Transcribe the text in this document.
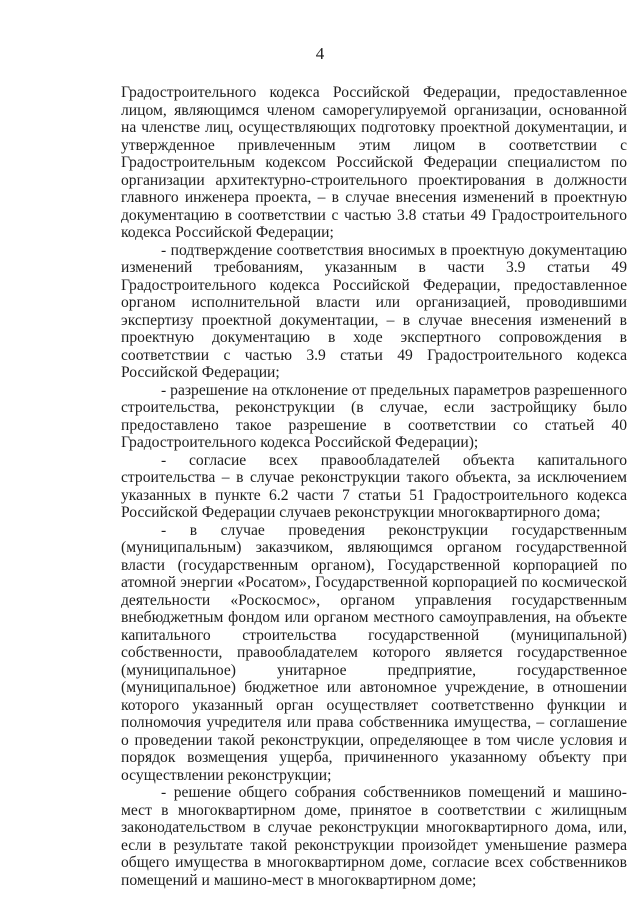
4

Градостроительного кодекса Российской Федерации, предоставленное лицом, являющимся членом саморегулируемой организации, основанной на членстве лиц, осуществляющих подготовку проектной документации, и утвержденное привлеченным этим лицом в соответствии с Градостроительным кодексом Российской Федерации специалистом по организации архитектурно-строительного проектирования в должности главного инженера проекта, – в случае внесения изменений в проектную документацию в соответствии с частью 3.8 статьи 49 Градостроительного кодекса Российской Федерации;

- подтверждение соответствия вносимых в проектную документацию изменений требованиям, указанным в части 3.9 статьи 49 Градостроительного кодекса Российской Федерации, предоставленное органом исполнительной власти или организацией, проводившими экспертизу проектной документации, – в случае внесения изменений в проектную документацию в ходе экспертного сопровождения в соответствии с частью 3.9 статьи 49 Градостроительного кодекса Российской Федерации;

- разрешение на отклонение от предельных параметров разрешенного строительства, реконструкции (в случае, если застройщику было предоставлено такое разрешение в соответствии со статьей 40 Градостроительного кодекса Российской Федерации);

- согласие всех правообладателей объекта капитального строительства – в случае реконструкции такого объекта, за исключением указанных в пункте 6.2 части 7 статьи 51 Градостроительного кодекса Российской Федерации случаев реконструкции многоквартирного дома;

- в случае проведения реконструкции государственным (муниципальным) заказчиком, являющимся органом государственной власти (государственным органом), Государственной корпорацией по атомной энергии «Росатом», Государственной корпорацией по космической деятельности «Роскосмос», органом управления государственным внебюджетным фондом или органом местного самоуправления, на объекте капитального строительства государственной (муниципальной) собственности, правообладателем которого является государственное (муниципальное) унитарное предприятие, государственное (муниципальное) бюджетное или автономное учреждение, в отношении которого указанный орган осуществляет соответственно функции и полномочия учредителя или права собственника имущества, – соглашение о проведении такой реконструкции, определяющее в том числе условия и порядок возмещения ущерба, причиненного указанному объекту при осуществлении реконструкции;

- решение общего собрания собственников помещений и машино-мест в многоквартирном доме, принятое в соответствии с жилищным законодательством в случае реконструкции многоквартирного дома, или, если в результате такой реконструкции произойдет уменьшение размера общего имущества в многоквартирном доме, согласие всех собственников помещений и машино-мест в многоквартирном доме;
